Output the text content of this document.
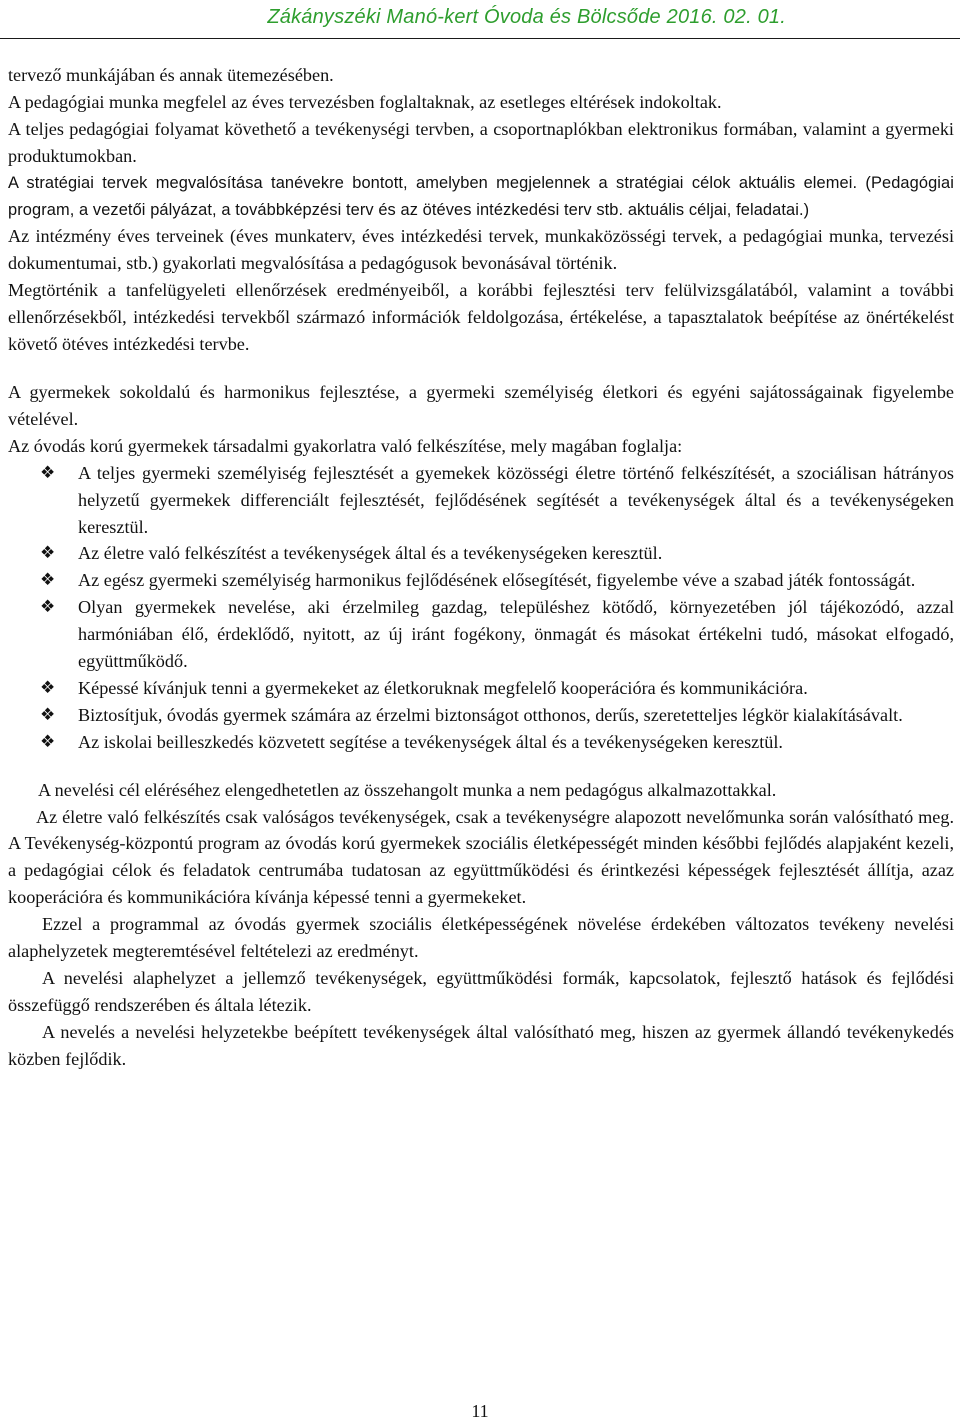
Zákányszéki Manó-kert Óvoda és Bölcsőde 2016. 02. 01.

tervező munkájában és annak ütemezésében.

A pedagógiai munka megfelel az éves tervezésben foglaltaknak, az esetleges eltérések indokoltak.

A teljes pedagógiai folyamat követhető a tevékenységi tervben, a csoportnaplókban elektronikus formában, valamint a gyermeki produktumokban.

A stratégiai tervek megvalósítása tanévekre bontott, amelyben megjelennek a stratégiai célok aktuális elemei. (Pedagógiai program, a vezetői pályázat, a továbbképzési terv és az ötéves intézkedési terv stb. aktuális céljai, feladatai.)

Az intézmény éves terveinek (éves munkaterv, éves intézkedési tervek, munkaközösségi tervek, a pedagógiai munka, tervezési dokumentumai, stb.) gyakorlati megvalósítása a pedagógusok bevonásával történik.

Megtörténik a tanfelügyeleti ellenőrzések eredményeiből, a korábbi fejlesztési terv felülvizsgálatából, valamint a további ellenőrzésekből, intézkedési tervekből származó információk feldolgozása, értékelése, a tapasztalatok beépítése az önértékelést követő ötéves intézkedési tervbe.

A gyermekek sokoldalú és harmonikus fejlesztése, a gyermeki személyiség életkori és egyéni sajátosságainak figyelembe vételével.

Az óvodás korú gyermekek társadalmi gyakorlatra való felkészítése, mely magában foglalja:

❖ A teljes gyermeki személyiség fejlesztését a gyemekek közösségi életre történő felkészítését, a szociálisan hátrányos helyzetű gyermekek differenciált fejlesztését, fejlődésének segítését a tevékenységek által és a tevékenységeken keresztül.
❖ Az életre való felkészítést a tevékenységek által és a tevékenységeken keresztül.
❖ Az egész gyermeki személyiség harmonikus fejlődésének elősegítését, figyelembe véve a szabad játék fontosságát.
❖ Olyan gyermekek nevelése, aki érzelmileg gazdag, településhez kötődő, környezetében jól tájékozódó, azzal harmóniában élő, érdeklődő, nyitott, az új iránt fogékony, önmagát és másokat értékelni tudó, másokat elfogadó, együttműködő.
❖ Képessé kívánjuk tenni a gyermekeket az életkoruknak megfelelő kooperációra és kommunikációra.
❖ Biztosítjuk, óvodás gyermek számára az érzelmi biztonságot otthonos, derűs, szeretetteljes légkör kialakításávalt.
❖ Az iskolai beilleszkedés közvetett segítése a tevékenységek által és a tevékenységeken keresztül.

A nevelési cél eléréséhez elengedhetetlen az összehangolt munka a nem pedagógus alkalmazottakkal.

Az életre való felkészítés csak valóságos tevékenységek, csak a tevékenységre alapozott nevelőmunka során valósítható meg. A Tevékenység-központú program az óvodás korú gyermekek szociális életképességét minden későbbi fejlődés alapjaként kezeli, a pedagógiai célok és feladatok centrumába tudatosan az együttműködési és érintkezési képességek fejlesztését állítja, azaz kooperációra és kommunikációra kívánja képessé tenni a gyermekeket.

Ezzel a programmal az óvodás gyermek szociális életképességének növelése érdekében változatos tevékeny nevelési alaphelyzetek megteremtésével feltételezi az eredményt.

A nevelési alaphelyzet a jellemző tevékenységek, együttműködési formák, kapcsolatok, fejlesztő hatások és fejlődési összefüggő rendszerében és általa létezik.

A nevelés a nevelési helyzetekbe beépített tevékenységek által valósítható meg, hiszen az gyermek állandó tevékenykedés közben fejlődik.

11
